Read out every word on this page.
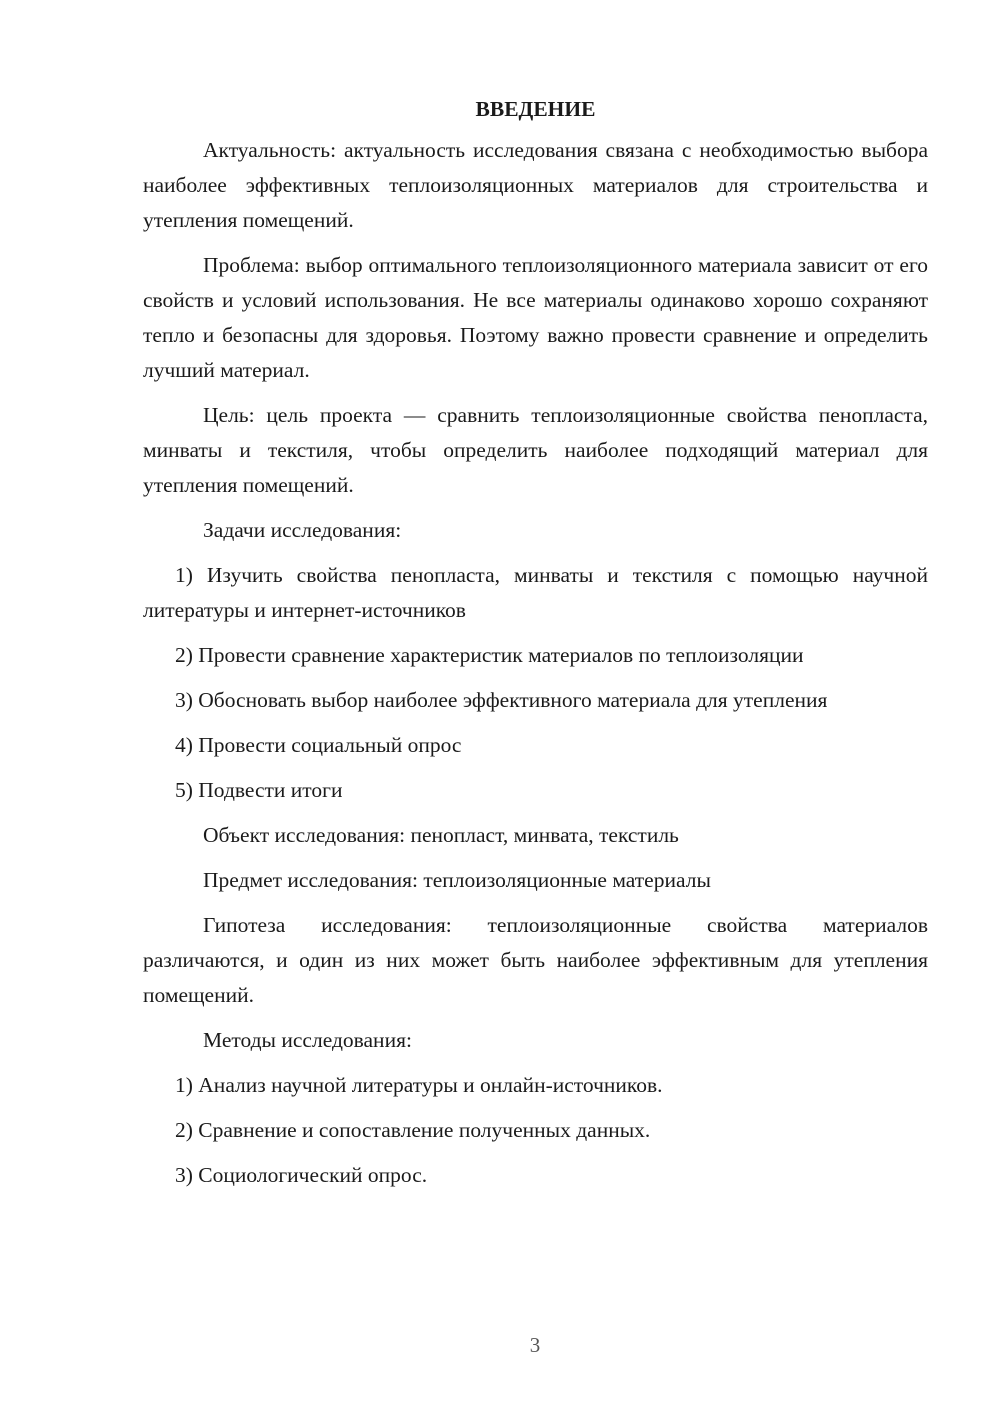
ВВЕДЕНИЕ

Актуальность: актуальность исследования связана с необходимостью выбора наиболее эффективных теплоизоляционных материалов для строительства и утепления помещений.

Проблема: выбор оптимального теплоизоляционного материала зависит от его свойств и условий использования. Не все материалы одинаково хорошо сохраняют тепло и безопасны для здоровья. Поэтому важно провести сравнение и определить лучший материал.

Цель: цель проекта — сравнить теплоизоляционные свойства пенопласта, минваты и текстиля, чтобы определить наиболее подходящий материал для утепления помещений.

Задачи исследования:

1) Изучить свойства пенопласта, минваты и текстиля с помощью научной литературы и интернет-источников

2) Провести сравнение характеристик материалов по теплоизоляции

3) Обосновать выбор наиболее эффективного материала для утепления

4) Провести социальный опрос

5) Подвести итоги

Объект исследования: пенопласт, минвата, текстиль

Предмет исследования: теплоизоляционные материалы

Гипотеза исследования: теплоизоляционные свойства материалов различаются, и один из них может быть наиболее эффективным для утепления помещений.

Методы исследования:

1) Анализ научной литературы и онлайн-источников.

2) Сравнение и сопоставление полученных данных.

3) Социологический опрос.

3
